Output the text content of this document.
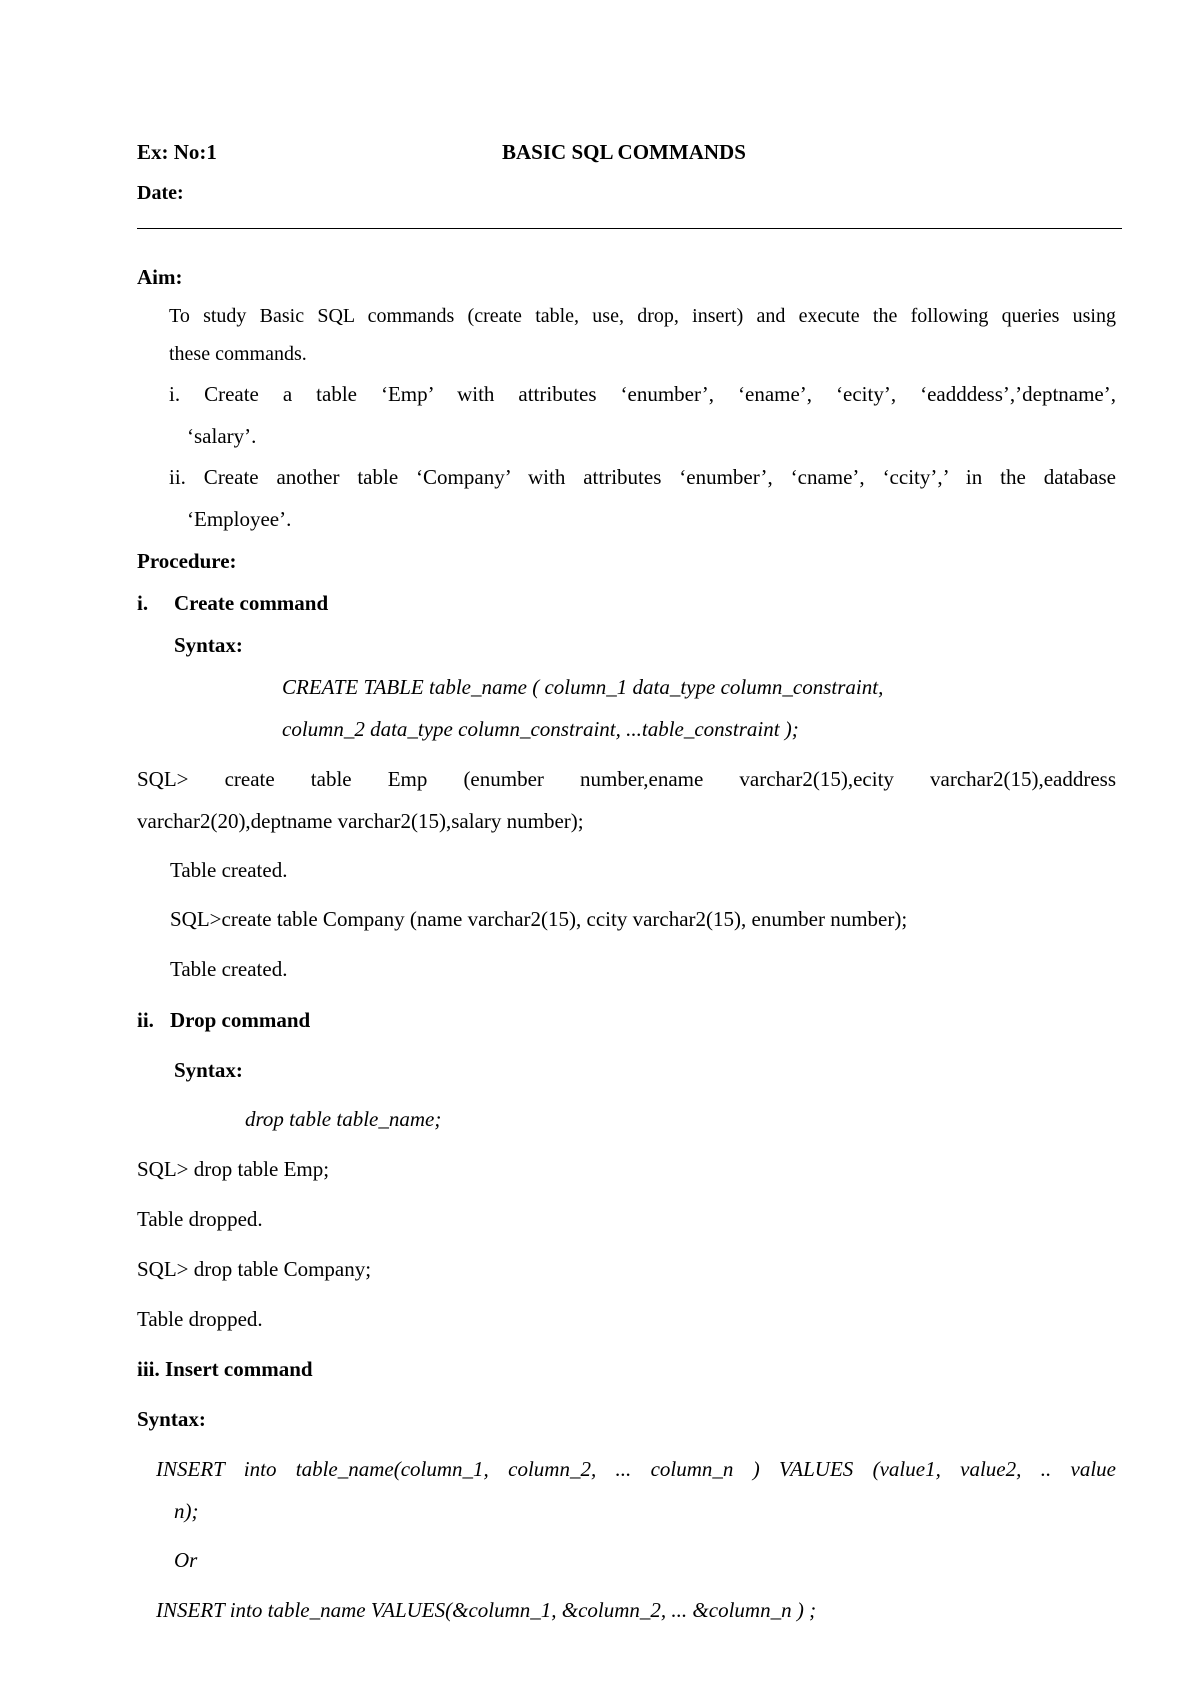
Ex: No:1	BASIC SQL COMMANDS
Date:
Aim:
To study Basic SQL commands (create table, use, drop, insert) and execute the following queries using
these commands.
i. Create a table ‘Emp’ with attributes ‘enumber’, ‘ename’, ‘ecity’, ‘eadddess’,’deptname’,
‘salary’.
ii. Create another table ‘Company’ with attributes ‘enumber’, ‘cname’, ‘ccity’,’ in the database
‘Employee’.
Procedure:
i. Create command
Syntax:
CREATE TABLE table_name ( column_1 data_type column_constraint,
column_2 data_type column_constraint, ...table_constraint );
SQL> create table Emp (enumber number,ename varchar2(15),ecity varchar2(15),eaddress
varchar2(20),deptname varchar2(15),salary number);
Table created.
SQL>create table Company (name varchar2(15), ccity varchar2(15), enumber number);
Table created.
ii. Drop command
Syntax:
drop table table_name;
SQL> drop table Emp;
Table dropped.
SQL> drop table Company;
Table dropped.
iii. Insert command
Syntax:
INSERT into table_name(column_1, column_2, ... column_n ) VALUES (value1, value2, .. value
n);
Or
INSERT into table_name VALUES(&column_1, &column_2, ... &column_n ) ;
